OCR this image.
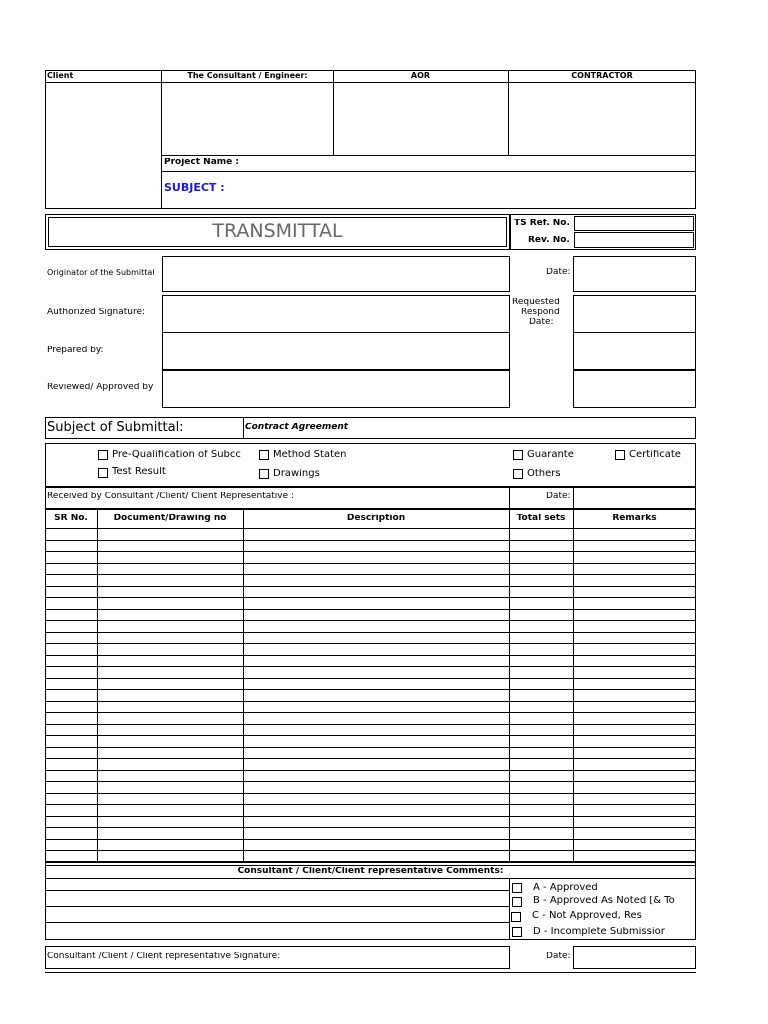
Client	The Consultant / Engineer:	AOR	CONTRACTOR
Project Name :
SUBJECT :
TRANSMITTAL	TS Ref. No.
Rev. No.
Originator of the Submittal	Date:
Authorized Signature:
Requested
Respond
Date:
Prepared by:
Reviewed/ Approved by
Subject of Submittal:	Contract Agreement
Pre-Qualification of Subcc	Method Staten	Guarante	Certificate
Test Result	Drawings	Others
Received by Consultant /Client/ Client Representative :	Date:
SR No.	Document/Drawing no	Description	Total sets	Remarks
Consultant / Client/Client representative Comments:
A - Approved
B - Approved As Noted [& To
C - Not Approved, Res
D - Incomplete Submissior
Consultant /Client / Client representative Signature:	Date:
